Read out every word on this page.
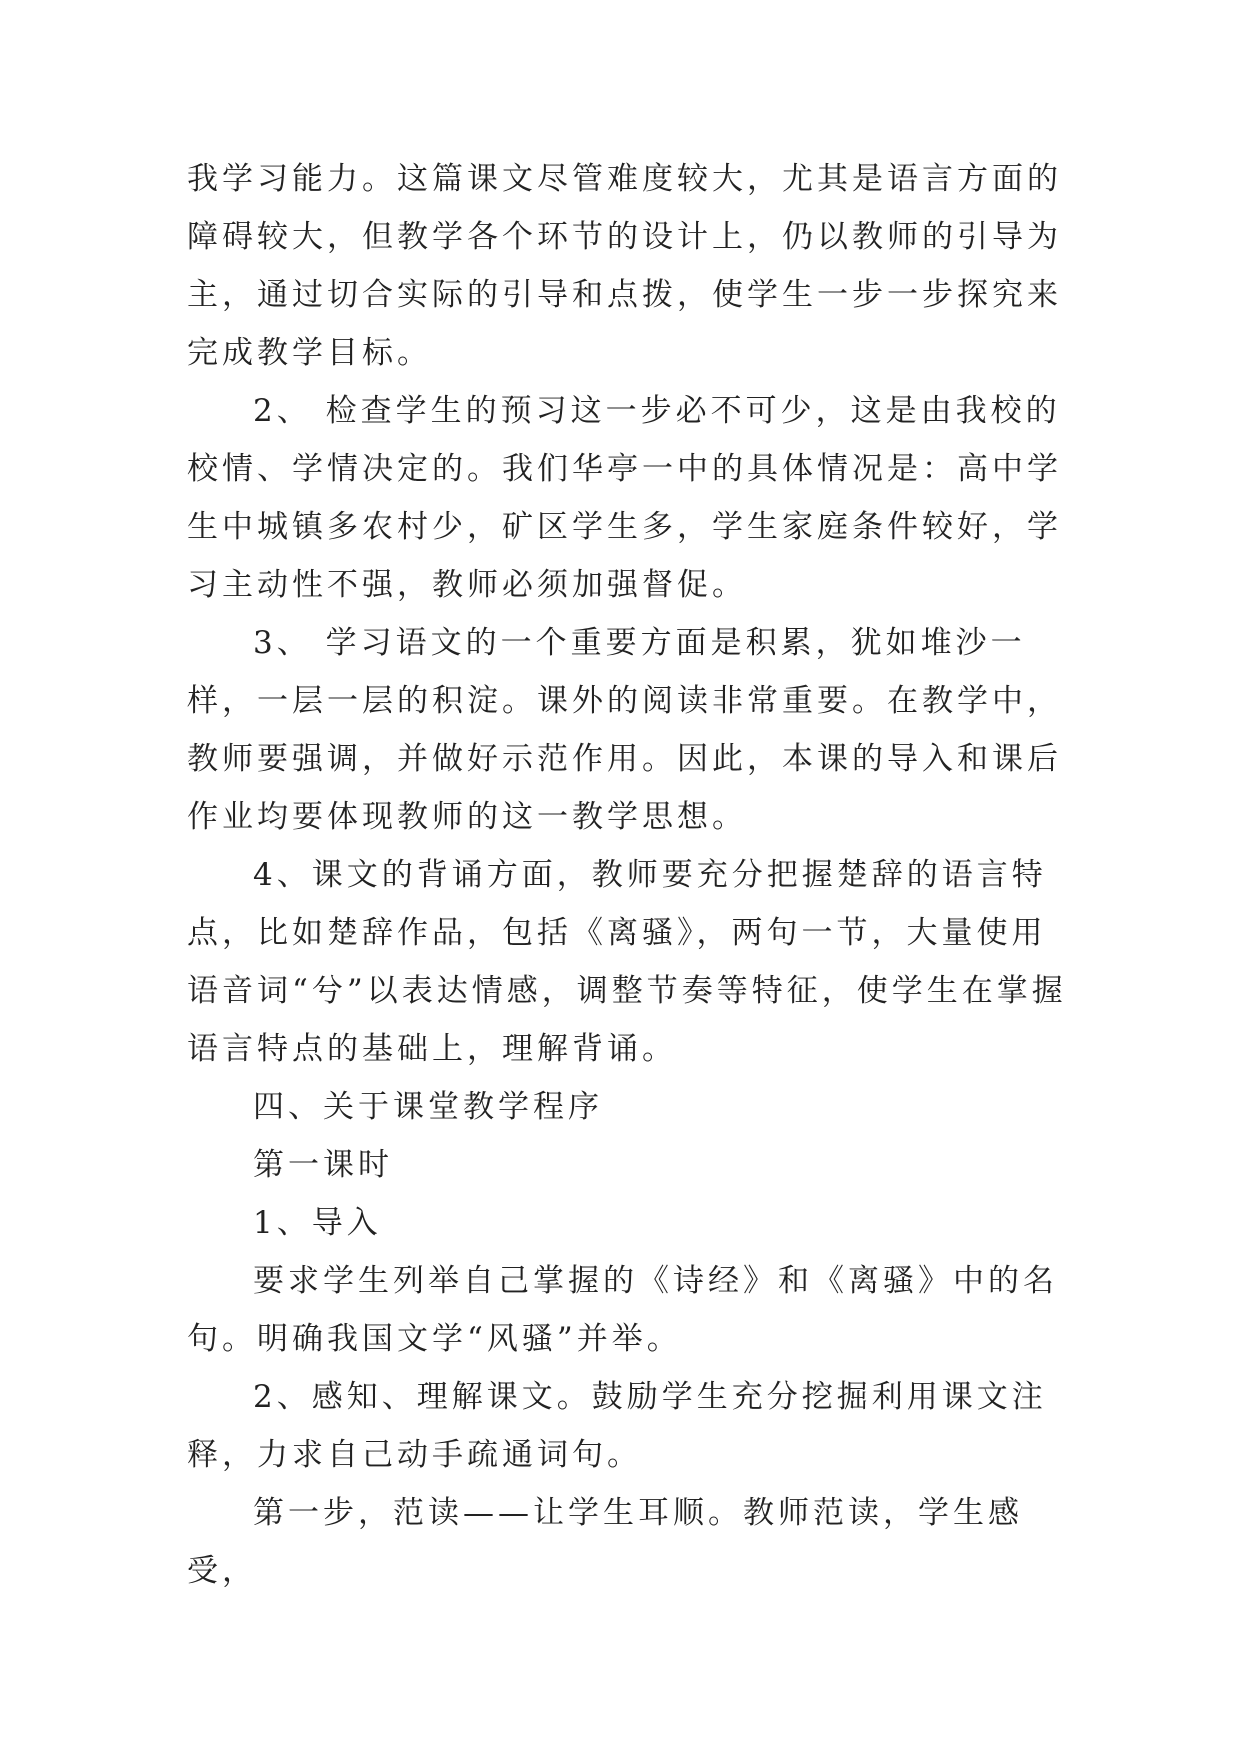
我学习能力。这篇课文尽管难度较大，尤其是语言方面的障碍较大，但教学各个环节的设计上，仍以教师的引导为主，通过切合实际的引导和点拨，使学生一步一步探究来完成教学目标。

2、 检查学生的预习这一步必不可少，这是由我校的校情、学情决定的。我们华亭一中的具体情况是：高中学生中城镇多农村少，矿区学生多，学生家庭条件较好，学习主动性不强，教师必须加强督促。

3、 学习语文的一个重要方面是积累，犹如堆沙一样，一层一层的积淀。课外的阅读非常重要。在教学中，教师要强调，并做好示范作用。因此，本课的导入和课后作业均要体现教师的这一教学思想。

4、课文的背诵方面，教师要充分把握楚辞的语言特点，比如楚辞作品，包括《离骚》，两句一节，大量使用语音词“兮”以表达情感，调整节奏等特征，使学生在掌握语言特点的基础上，理解背诵。

四、关于课堂教学程序

第一课时

1、导入

要求学生列举自己掌握的《诗经》和《离骚》中的名句。明确我国文学“风骚”并举。

2、感知、理解课文。鼓励学生充分挖掘利用课文注释，力求自己动手疏通词句。

第一步，范读——让学生耳顺。教师范读，学生感受，
